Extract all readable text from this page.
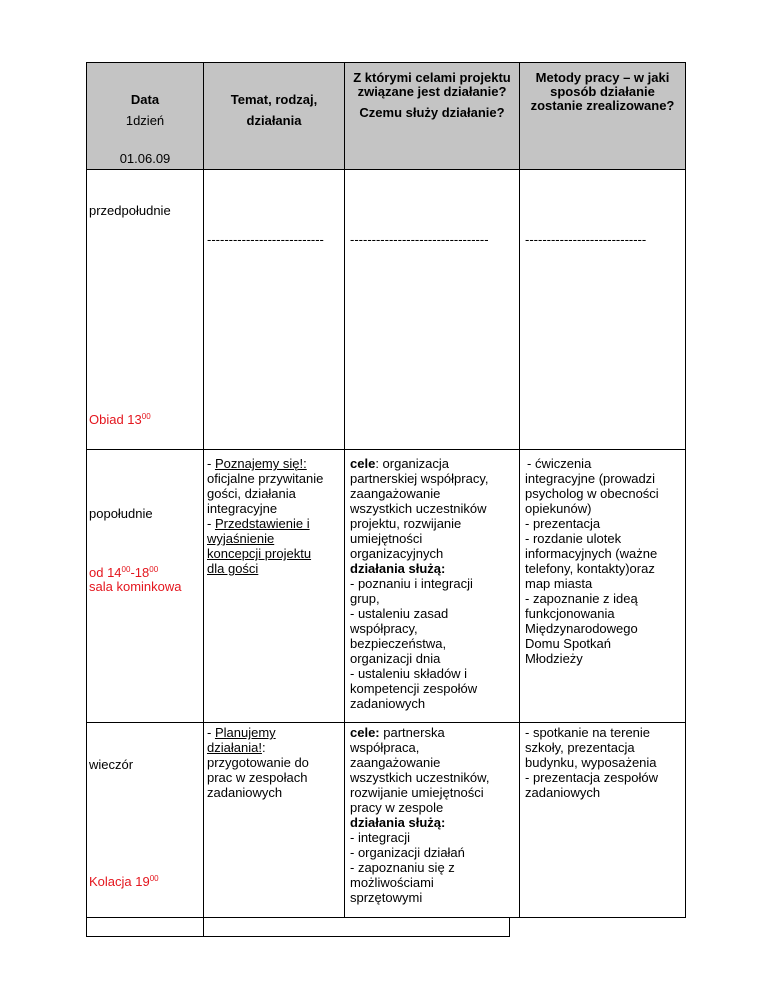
Data
1dzień
01.06.09
Temat, rodzaj,
działania
Z którymi celami projektu
związane jest działanie?
Czemu służy działanie?
Metody pracy – w jaki
sposób działanie
zostanie zrealizowane?
przedpołudnie
--------------------------- --------------------------------	----------------------------
Obiad $13^{00}$
popołudnie
od $14^{00}-18^{00}$
sala kominkowa
- Poznajemy się!:
oficjalne przywitanie
gości, działania
integracyjne
- Przedstawienie i
wyjaśnienie
koncepcji projektu
dla gości
cele: organizacja
partnerskiej współpracy,
zaangażowanie
wszystkich uczestników
projektu, rozwijanie
umiejętności
organizacyjnych
działania służą:
- poznaniu i integracji
grup,
- ustaleniu zasad
współpracy,
bezpieczeństwa,
organizacji dnia
- ustaleniu składów i
kompetencji zespołów
zadaniowych
- ćwiczenia
integracyjne (prowadzi
psycholog w obecności
opiekunów)
- prezentacja
- rozdanie ulotek
informacyjnych (ważne
telefony, kontakty)oraz
map miasta
- zapoznanie z ideą
funkcjonowania
Międzynarodowego
Domu Spotkań
Młodzieży
wieczór
Kolacja $19^{00}$
- Planujemy
działania!:
przygotowanie do
prac w zespołach
zadaniowych
cele: partnerska
współpraca,
zaangażowanie
wszystkich uczestników,
rozwijanie umiejętności
pracy w zespole
działania służą:
- integracji
- organizacji działań
- zapoznaniu się z
możliwościami
sprzętowymi
- spotkanie na terenie
szkoły, prezentacja
budynku, wyposażenia
- prezentacja zespołów
zadaniowych
